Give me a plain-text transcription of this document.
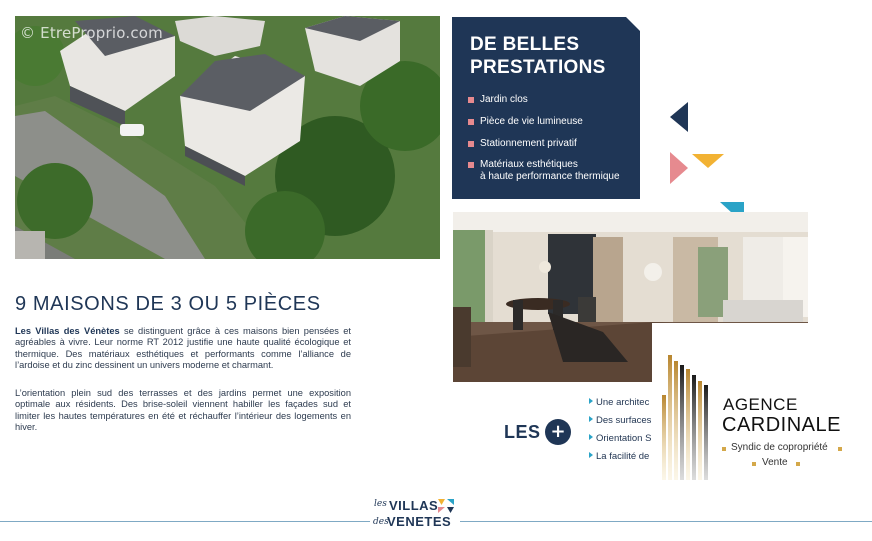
© EtreProprio.com
DE BELLES
PRESTATIONS
Jardin clos
Pièce de vie lumineuse
Stationnement privatif
Matériaux esthétiques
à haute performance thermique
9 MAISONS DE 3 OU 5 PIÈCES
Les Villas des Vénètes se distinguent grâce à ces maisons bien pensées et agréables à vivre. Leur norme RT 2012 justifie une haute qualité écologique et thermique. Des matériaux esthétiques et performants comme l’alliance de l’ardoise et du zinc dessinent un univers moderne et charmant.
L’orientation plein sud des terrasses et des jardins permet une exposition optimale aux résidents. Des brise-soleil viennent habiller les façades sud et limiter les hautes températures en été et réchauffer l’intérieur des logements en hiver.	LES +
Une architec
Des surfaces
Orientation S
La facilité de
AGENCE
CARDINALE
Syndic de copropriété
Vente
les VILLAS
des
VENETES
